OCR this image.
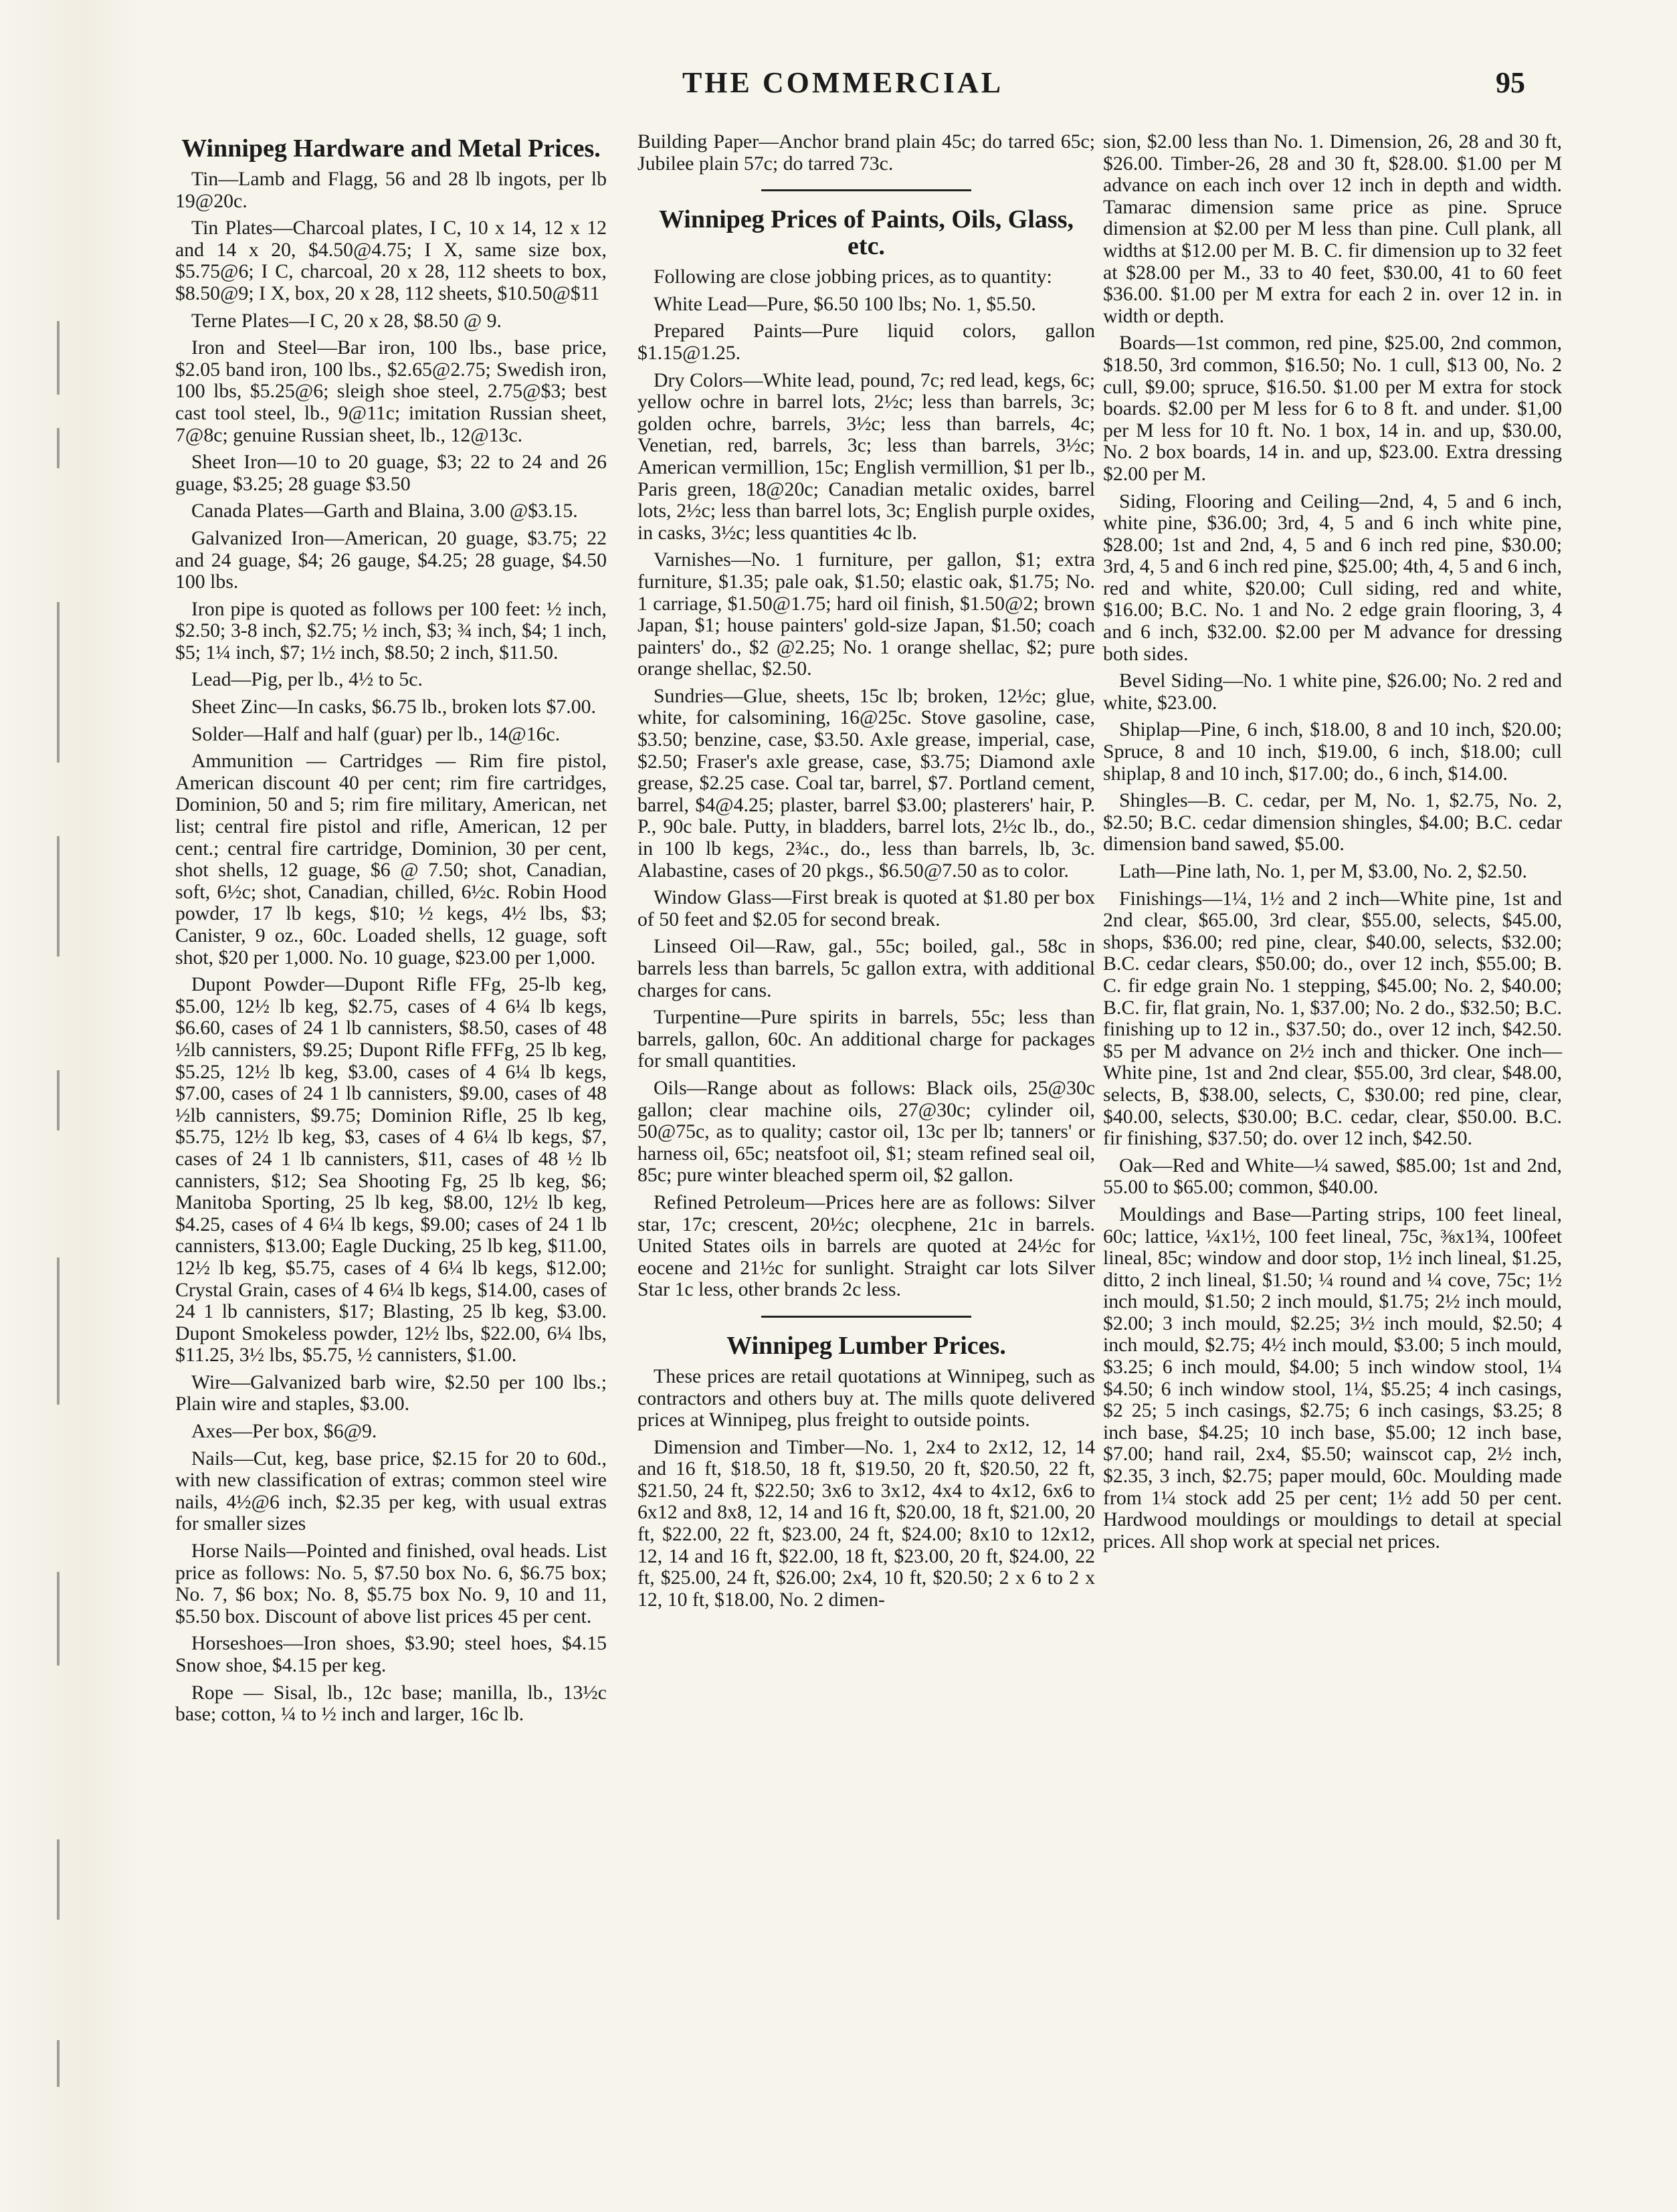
THE COMMERCIAL	95
Winnipeg Hardware and Metal Prices.

Tin—Lamb and Flagg, 56 and 28 lb ingots, per lb 19@20c.

Tin Plates—Charcoal plates, I C, 10 x 14, 12 x 12 and 14 x 20, $4.50@4.75; I X, same size box, $5.75@6; I C, charcoal, 20 x 28, 112 sheets to box, $8.50@9; I X, box, 20 x 28, 112 sheets, $10.50@$11

Terne Plates—I C, 20 x 28, $8.50 @ 9.

Iron and Steel—Bar iron, 100 lbs., base price, $2.05 band iron, 100 lbs., $2.65@2.75; Swedish iron, 100 lbs, $5.25@6; sleigh shoe steel, 2.75@$3; best cast tool steel, lb., 9@11c; imitation Russian sheet, 7@8c; genuine Russian sheet, lb., 12@13c.

Sheet Iron—10 to 20 guage, $3; 22 to 24 and 26 guage, $3.25; 28 guage $3.50

Canada Plates—Garth and Blaina, 3.00 @$3.15.

Galvanized Iron—American, 20 guage, $3.75; 22 and 24 guage, $4; 26 gauge, $4.25; 28 guage, $4.50 100 lbs.

Iron pipe is quoted as follows per 100 feet: ½ inch, $2.50; 3-8 inch, $2.75; ½ inch, $3; ¾ inch, $4; 1 inch, $5; 1¼ inch, $7; 1½ inch, $8.50; 2 inch, $11.50.

Lead—Pig, per lb., 4½ to 5c.

Sheet Zinc—In casks, $6.75 lb., broken lots $7.00.

Solder—Half and half (guar) per lb., 14@16c.

Ammunition — Cartridges — Rim fire pistol, American discount 40 per cent; rim fire cartridges, Dominion, 50 and 5; rim fire military, American, net list; central fire pistol and rifle, American, 12 per cent.; central fire cartridge, Dominion, 30 per cent, shot shells, 12 guage, $6 @ 7.50; shot, Canadian, soft, 6½c; shot, Canadian, chilled, 6½c. Robin Hood powder, 17 lb kegs, $10; ½ kegs, 4½ lbs, $3; Canister, 9 oz., 60c. Loaded shells, 12 guage, soft shot, $20 per 1,000. No. 10 guage, $23.00 per 1,000.

Dupont Powder—Dupont Rifle FFg, 25-lb keg, $5.00, 12½ lb keg, $2.75, cases of 4 6¼ lb kegs, $6.60, cases of 24 1 lb cannisters, $8.50, cases of 48 ½lb cannisters, $9.25; Dupont Rifle FFFg, 25 lb keg, $5.25, 12½ lb keg, $3.00, cases of 4 6¼ lb kegs, $7.00, cases of 24 1 lb cannisters, $9.00, cases of 48 ½lb cannisters, $9.75; Dominion Rifle, 25 lb keg, $5.75, 12½ lb keg, $3, cases of 4 6¼ lb kegs, $7, cases of 24 1 lb cannisters, $11, cases of 48 ½ lb cannisters, $12; Sea Shooting Fg, 25 lb keg, $6; Manitoba Sporting, 25 lb keg, $8.00, 12½ lb keg, $4.25, cases of 4 6¼ lb kegs, $9.00; cases of 24 1 lb cannisters, $13.00; Eagle Ducking, 25 lb keg, $11.00, 12½ lb keg, $5.75, cases of 4 6¼ lb kegs, $12.00; Crystal Grain, cases of 4 6¼ lb kegs, $14.00, cases of 24 1 lb cannisters, $17; Blasting, 25 lb keg, $3.00. Dupont Smokeless powder, 12½ lbs, $22.00, 6¼ lbs, $11.25, 3½ lbs, $5.75, ½ cannisters, $1.00.

Wire—Galvanized barb wire, $2.50 per 100 lbs.; Plain wire and staples, $3.00.

Axes—Per box, $6@9.

Nails—Cut, keg, base price, $2.15 for 20 to 60d., with new classification of extras; common steel wire nails, 4½@6 inch, $2.35 per keg, with usual extras for smaller sizes

Horse Nails—Pointed and finished, oval heads. List price as follows: No. 5, $7.50 box No. 6, $6.75 box; No. 7, $6 box; No. 8, $5.75 box No. 9, 10 and 11, $5.50 box. Discount of above list prices 45 per cent.

Horseshoes—Iron shoes, $3.90; steel hoes, $4.15 Snow shoe, $4.15 per keg.

Rope — Sisal, lb., 12c base; manilla, lb., 13½c base; cotton, ¼ to ½ inch and larger, 16c lb.

Building Paper—Anchor brand plain 45c; do tarred 65c; Jubilee plain 57c; do tarred 73c.

Winnipeg Prices of Paints, Oils, Glass, etc.

Following are close jobbing prices, as to quantity:

White Lead—Pure, $6.50 100 lbs; No. 1, $5.50.

Prepared Paints—Pure liquid colors, gallon $1.15@1.25.

Dry Colors—White lead, pound, 7c; red lead, kegs, 6c; yellow ochre in barrel lots, 2½c; less than barrels, 3c; golden ochre, barrels, 3½c; less than barrels, 4c; Venetian, red, barrels, 3c; less than barrels, 3½c; American vermillion, 15c; English vermillion, $1 per lb., Paris green, 18@20c; Canadian metalic oxides, barrel lots, 2½c; less than barrel lots, 3c; English purple oxides, in casks, 3½c; less quantities 4c lb.

Varnishes—No. 1 furniture, per gallon, $1; extra furniture, $1.35; pale oak, $1.50; elastic oak, $1.75; No. 1 carriage, $1.50@1.75; hard oil finish, $1.50@2; brown Japan, $1; house painters' gold-size Japan, $1.50; coach painters' do., $2 @2.25; No. 1 orange shellac, $2; pure orange shellac, $2.50.

Sundries—Glue, sheets, 15c lb; broken, 12½c; glue, white, for calsomining, 16@25c. Stove gasoline, case, $3.50; benzine, case, $3.50. Axle grease, imperial, case, $2.50; Fraser's axle grease, case, $3.75; Diamond axle grease, $2.25 case. Coal tar, barrel, $7. Portland cement, barrel, $4@4.25; plaster, barrel $3.00; plasterers' hair, P. P., 90c bale. Putty, in bladders, barrel lots, 2½c lb., do., in 100 lb kegs, 2¾c., do., less than barrels, lb, 3c. Alabastine, cases of 20 pkgs., $6.50@7.50 as to color.

Window Glass—First break is quoted at $1.80 per box of 50 feet and $2.05 for second break.

Linseed Oil—Raw, gal., 55c; boiled, gal., 58c in barrels less than barrels, 5c gallon extra, with additional charges for cans.

Turpentine—Pure spirits in barrels, 55c; less than barrels, gallon, 60c. An additional charge for packages for small quantities.

Oils—Range about as follows: Black oils, 25@30c gallon; clear machine oils, 27@30c; cylinder oil, 50@75c, as to quality; castor oil, 13c per lb; tanners' or harness oil, 65c; neatsfoot oil, $1; steam refined seal oil, 85c; pure winter bleached sperm oil, $2 gallon.

Refined Petroleum—Prices here are as follows: Silver star, 17c; crescent, 20½c; olecphene, 21c in barrels. United States oils in barrels are quoted at 24½c for eocene and 21½c for sunlight. Straight car lots Silver Star 1c less, other brands 2c less.

Winnipeg Lumber Prices.

These prices are retail quotations at Winnipeg, such as contractors and others buy at. The mills quote delivered prices at Winnipeg, plus freight to outside points.

Dimension and Timber—No. 1, 2x4 to 2x12, 12, 14 and 16 ft, $18.50, 18 ft, $19.50, 20 ft, $20.50, 22 ft, $21.50, 24 ft, $22.50; 3x6 to 3x12, 4x4 to 4x12, 6x6 to 6x12 and 8x8, 12, 14 and 16 ft, $20.00, 18 ft, $21.00, 20 ft, $22.00, 22 ft, $23.00, 24 ft, $24.00; 8x10 to 12x12, 12, 14 and 16 ft, $22.00, 18 ft, $23.00, 20 ft, $24.00, 22 ft, $25.00, 24 ft, $26.00; 2x4, 10 ft, $20.50; 2 x 6 to 2 x 12, 10 ft, $18.00, No. 2 dimen-

sion, $2.00 less than No. 1. Dimension, 26, 28 and 30 ft, $26.00. Timber-26, 28 and 30 ft, $28.00. $1.00 per M advance on each inch over 12 inch in depth and width. Tamarac dimension same price as pine. Spruce dimension at $2.00 per M less than pine. Cull plank, all widths at $12.00 per M. B. C. fir dimension up to 32 feet at $28.00 per M., 33 to 40 feet, $30.00, 41 to 60 feet $36.00. $1.00 per M extra for each 2 in. over 12 in. in width or depth.

Boards—1st common, red pine, $25.00, 2nd common, $18.50, 3rd common, $16.50; No. 1 cull, $13 00, No. 2 cull, $9.00; spruce, $16.50. $1.00 per M extra for stock boards. $2.00 per M less for 6 to 8 ft. and under. $1,00 per M less for 10 ft. No. 1 box, 14 in. and up, $30.00, No. 2 box boards, 14 in. and up, $23.00. Extra dressing $2.00 per M.

Siding, Flooring and Ceiling—2nd, 4, 5 and 6 inch, white pine, $36.00; 3rd, 4, 5 and 6 inch white pine, $28.00; 1st and 2nd, 4, 5 and 6 inch red pine, $30.00; 3rd, 4, 5 and 6 inch red pine, $25.00; 4th, 4, 5 and 6 inch, red and white, $20.00; Cull siding, red and white, $16.00; B.C. No. 1 and No. 2 edge grain flooring, 3, 4 and 6 inch, $32.00. $2.00 per M advance for dressing both sides.

Bevel Siding—No. 1 white pine, $26.00; No. 2 red and white, $23.00.

Shiplap—Pine, 6 inch, $18.00, 8 and 10 inch, $20.00; Spruce, 8 and 10 inch, $19.00, 6 inch, $18.00; cull shiplap, 8 and 10 inch, $17.00; do., 6 inch, $14.00.

Shingles—B. C. cedar, per M, No. 1, $2.75, No. 2, $2.50; B.C. cedar dimension shingles, $4.00; B.C. cedar dimension band sawed, $5.00.

Lath—Pine lath, No. 1, per M, $3.00, No. 2, $2.50.

Finishings—1¼, 1½ and 2 inch—White pine, 1st and 2nd clear, $65.00, 3rd clear, $55.00, selects, $45.00, shops, $36.00; red pine, clear, $40.00, selects, $32.00; B.C. cedar clears, $50.00; do., over 12 inch, $55.00; B. C. fir edge grain No. 1 stepping, $45.00; No. 2, $40.00; B.C. fir, flat grain, No. 1, $37.00; No. 2 do., $32.50; B.C. finishing up to 12 in., $37.50; do., over 12 inch, $42.50. $5 per M advance on 2½ inch and thicker. One inch—White pine, 1st and 2nd clear, $55.00, 3rd clear, $48.00, selects, B, $38.00, selects, C, $30.00; red pine, clear, $40.00, selects, $30.00; B.C. cedar, clear, $50.00. B.C. fir finishing, $37.50; do. over 12 inch, $42.50.

Oak—Red and White—¼ sawed, $85.00; 1st and 2nd, 55.00 to $65.00; common, $40.00.

Mouldings and Base—Parting strips, 100 feet lineal, 60c; lattice, ¼x1½, 100 feet lineal, 75c, ⅜x1¾, 100feet lineal, 85c; window and door stop, 1½ inch lineal, $1.25, ditto, 2 inch lineal, $1.50; ¼ round and ¼ cove, 75c; 1½ inch mould, $1.50; 2 inch mould, $1.75; 2½ inch mould, $2.00; 3 inch mould, $2.25; 3½ inch mould, $2.50; 4 inch mould, $2.75; 4½ inch mould, $3.00; 5 inch mould, $3.25; 6 inch mould, $4.00; 5 inch window stool, 1¼ $4.50; 6 inch window stool, 1¼, $5.25; 4 inch casings, $2 25; 5 inch casings, $2.75; 6 inch casings, $3.25; 8 inch base, $4.25; 10 inch base, $5.00; 12 inch base, $7.00; hand rail, 2x4, $5.50; wainscot cap, 2½ inch, $2.35, 3 inch, $2.75; paper mould, 60c. Moulding made from 1¼ stock add 25 per cent; 1½ add 50 per cent. Hardwood mouldings or mouldings to detail at special prices. All shop work at special net prices.
